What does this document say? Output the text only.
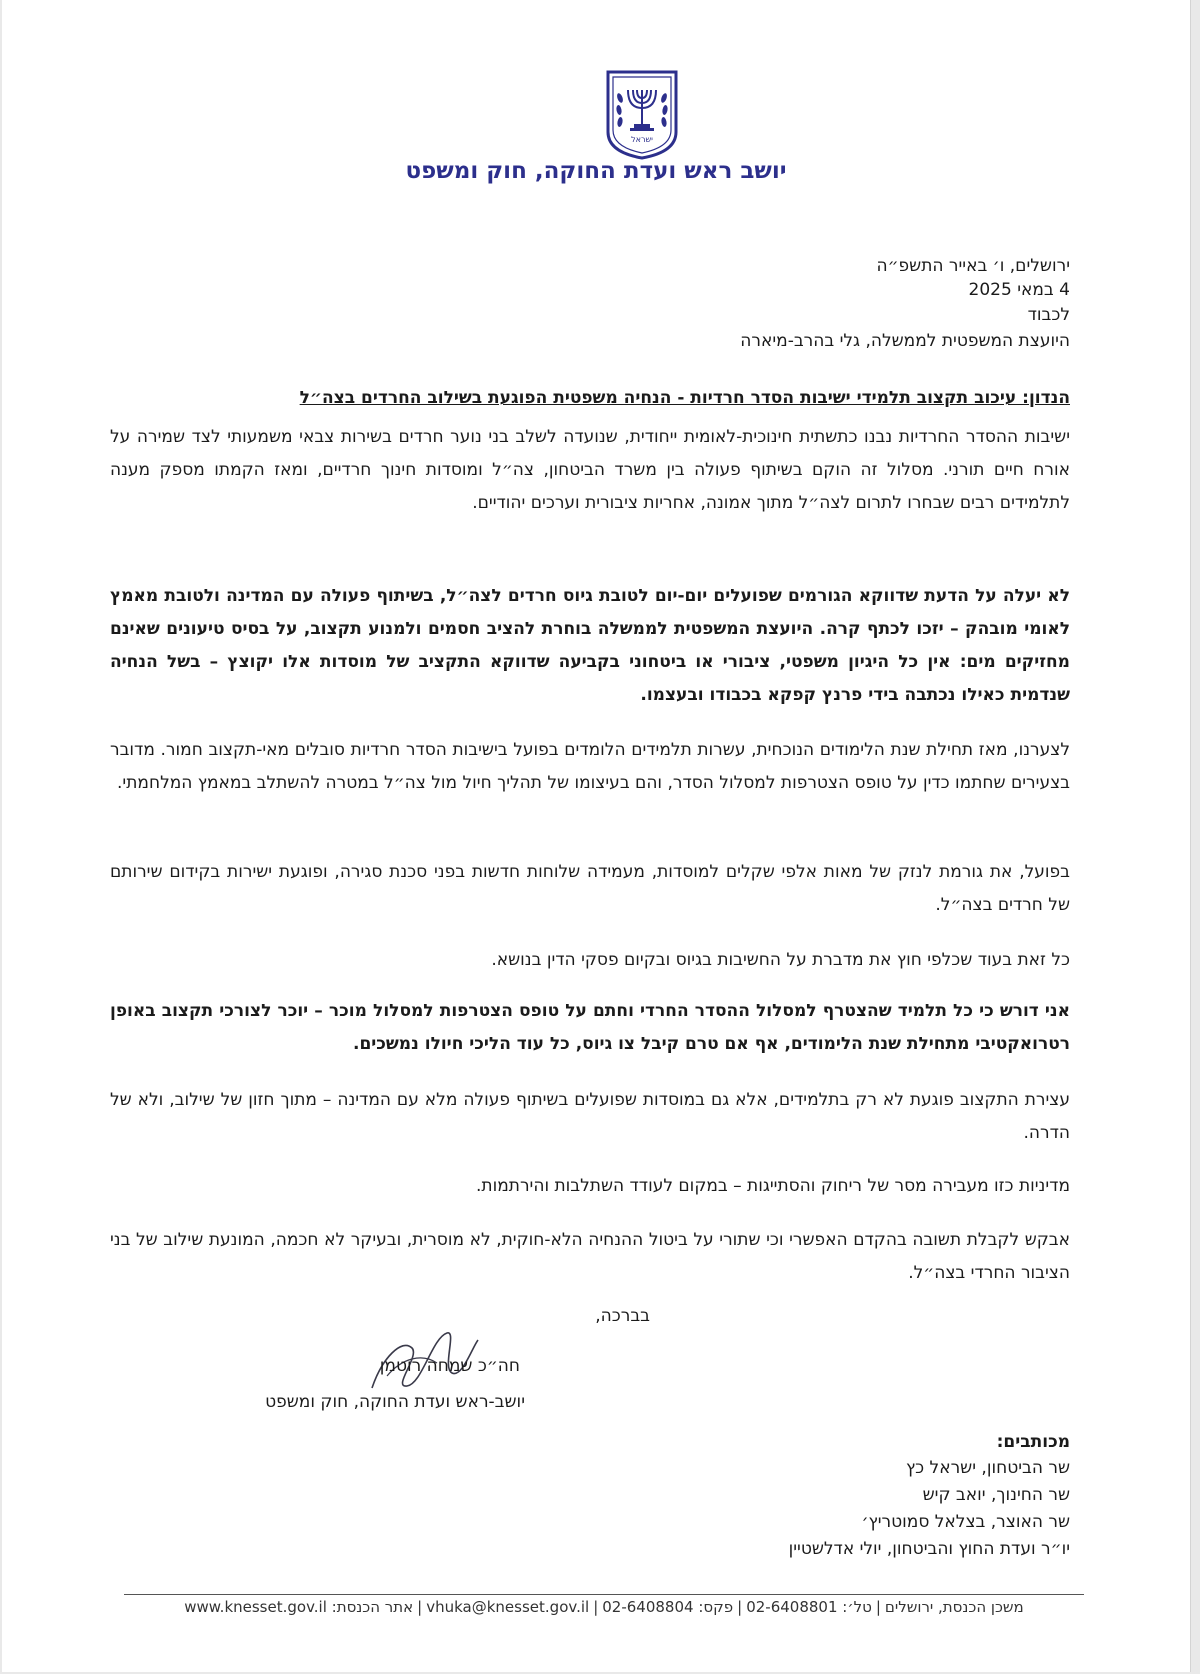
ישראל
יושב ראש ועדת החוקה, חוק ומשפט
ירושלים, ו׳ באייר התשפ״ה
4 במאי 2025
לכבוד
היועצת המשפטית לממשלה, גלי בהרב-מיארה
הנדון: עיכוב תקצוב תלמידי ישיבות הסדר חרדיות - הנחיה משפטית הפוגעת בשילוב החרדים בצה״ל

ישיבות ההסדר החרדיות נבנו כתשתית חינוכית-לאומית ייחודית, שנועדה לשלב בני נוער חרדים בשירות צבאי משמעותי לצד שמירה על אורח חיים תורני. מסלול זה הוקם בשיתוף פעולה בין משרד הביטחון, צה״ל ומוסדות חינוך חרדיים, ומאז הקמתו מספק מענה לתלמידים רבים שבחרו לתרום לצה״ל מתוך אמונה, אחריות ציבורית וערכים יהודיים.

לא יעלה על הדעת שדווקא הגורמים שפועלים יום-יום לטובת גיוס חרדים לצה״ל, בשיתוף פעולה עם המדינה ולטובת מאמץ לאומי מובהק – יזכו לכתף קרה. היועצת המשפטית לממשלה בוחרת להציב חסמים ולמנוע תקצוב, על בסיס טיעונים שאינם מחזיקים מים: אין כל היגיון משפטי, ציבורי או ביטחוני בקביעה שדווקא התקציב של מוסדות אלו יקוצץ – בשל הנחיה שנדמית כאילו נכתבה בידי פרנץ קפקא בכבודו ובעצמו.

לצערנו, מאז תחילת שנת הלימודים הנוכחית, עשרות תלמידים הלומדים בפועל בישיבות הסדר חרדיות סובלים מאי-תקצוב חמור. מדובר בצעירים שחתמו כדין על טופס הצטרפות למסלול הסדר, והם בעיצומו של תהליך חיול מול צה״ל במטרה להשתלב במאמץ המלחמתי.

בפועל, את גורמת לנזק של מאות אלפי שקלים למוסדות, מעמידה שלוחות חדשות בפני סכנת סגירה, ופוגעת ישירות בקידום שירותם של חרדים בצה״ל.

כל זאת בעוד שכלפי חוץ את מדברת על החשיבות בגיוס ובקיום פסקי הדין בנושא.

אני דורש כי כל תלמיד שהצטרף למסלול ההסדר החרדי וחתם על טופס הצטרפות למסלול מוכר – יוכר לצורכי תקצוב באופן רטרואקטיבי מתחילת שנת הלימודים, אף אם טרם קיבל צו גיוס, כל עוד הליכי חיולו נמשכים.

עצירת התקצוב פוגעת לא רק בתלמידים, אלא גם במוסדות שפועלים בשיתוף פעולה מלא עם המדינה – מתוך חזון של שילוב, ולא של הדרה.

מדיניות כזו מעבירה מסר של ריחוק והסתייגות – במקום לעודד השתלבות והירתמות.

אבקש לקבלת תשובה בהקדם האפשרי וכי שתורי על ביטול ההנחיה הלא-חוקית, לא מוסרית, ובעיקר לא חכמה, המונעת שילוב של בני הציבור החרדי בצה״ל.

בברכה,
חה״כ שמחה רוטמן
יושב-ראש ועדת החוקה, חוק ומשפט
מכותבים:
שר הביטחון, ישראל כץ
שר החינוך, יואב קיש
שר האוצר, בצלאל סמוטריץ׳
יו״ר ועדת החוץ והביטחון, יולי אדלשטיין
משכן הכנסת, ירושלים|טל׳: 02-6408801|פקס: 02-6408804|vhuka@knesset.gov.il|אתר הכנסת: www.knesset.gov.il
